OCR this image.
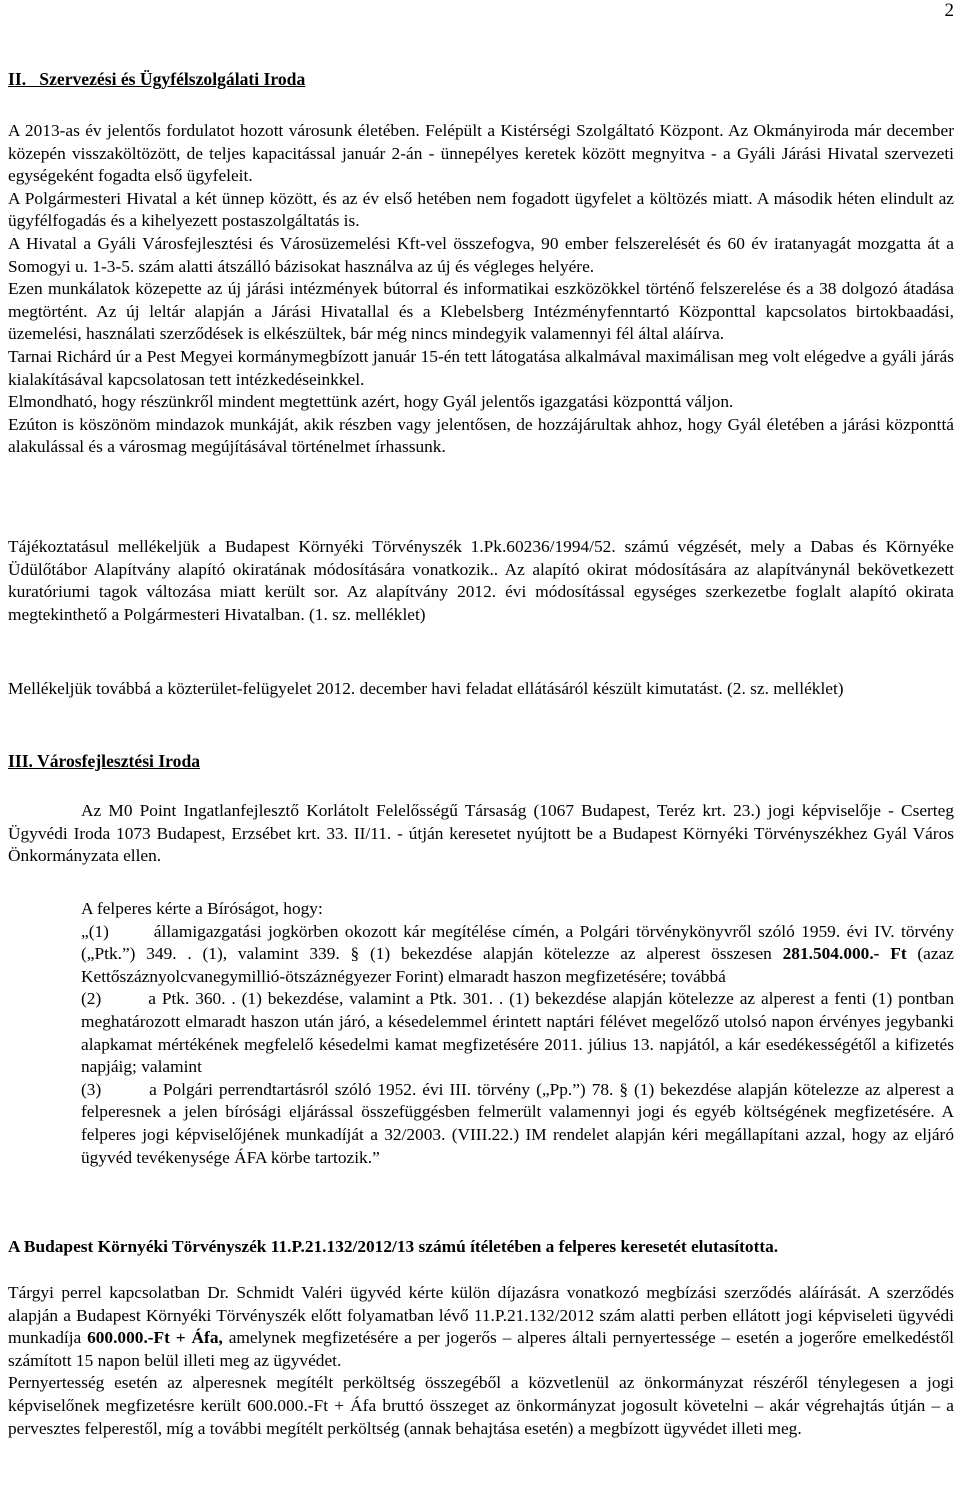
2

II.   Szervezési és Ügyfélszolgálati Iroda

A 2013-as év jelentős fordulatot hozott városunk életében. Felépült a Kistérségi Szolgáltató Központ. Az Okmányiroda már december közepén visszaköltözött, de teljes kapacitással január 2-án - ünnepélyes keretek között megnyitva - a Gyáli Járási Hivatal szervezeti egységeként fogadta első ügyfeleit.

A Polgármesteri Hivatal a két ünnep között, és az év első hetében nem fogadott ügyfelet a költözés miatt. A második héten elindult az ügyfélfogadás és a kihelyezett postaszolgáltatás is.

A Hivatal a Gyáli Városfejlesztési és Városüzemelési Kft-vel összefogva, 90 ember felszerelését és 60 év iratanyagát mozgatta át a Somogyi u. 1-3-5. szám alatti átszálló bázisokat használva az új és végleges helyére.

Ezen munkálatok közepette az új járási intézmények bútorral és informatikai eszközökkel történő felszerelése és a 38 dolgozó átadása megtörtént. Az új leltár alapján a Járási Hivatallal és a Klebelsberg Intézményfenntartó Központtal kapcsolatos birtokbaadási, üzemelési, használati szerződések is elkészültek, bár még nincs mindegyik valamennyi fél által aláírva.

Tarnai Richárd úr a Pest Megyei kormánymegbízott január 15-én tett látogatása alkalmával maximálisan meg volt elégedve a gyáli járás kialakításával kapcsolatosan tett intézkedéseinkkel.

Elmondható, hogy részünkről mindent megtettünk azért, hogy Gyál jelentős igazgatási központtá váljon.

Ezúton is köszönöm mindazok munkáját, akik részben vagy jelentősen, de hozzájárultak ahhoz, hogy Gyál életében a járási központtá alakulással és a városmag megújításával történelmet írhassunk.

Tájékoztatásul mellékeljük a Budapest Környéki Törvényszék 1.Pk.60236/1994/52. számú végzését, mely a Dabas és Környéke Üdülőtábor Alapítvány alapító okiratának módosítására vonatkozik.. Az alapító okirat módosítására az alapítványnál bekövetkezett kuratóriumi tagok változása miatt került sor. Az alapítvány 2012. évi módosítással egységes szerkezetbe foglalt alapító okirata megtekinthető a Polgármesteri Hivatalban. (1. sz. melléklet)

Mellékeljük továbbá a közterület-felügyelet 2012. december havi feladat ellátásáról készült kimutatást. (2. sz. melléklet)

III. Városfejlesztési Iroda

Az M0 Point Ingatlanfejlesztő Korlátolt Felelősségű Társaság (1067 Budapest, Teréz krt. 23.) jogi képviselője - Cserteg Ügyvédi Iroda 1073 Budapest, Erzsébet krt. 33. II/11. - útján keresetet nyújtott be a Budapest Környéki Törvényszékhez Gyál Város Önkormányzata ellen.

A felperes kérte a Bíróságot, hogy:

„(1)       államigazgatási jogkörben okozott kár megítélése címén, a Polgári törvénykönyvről szóló 1959. évi IV. törvény („Ptk.”) 349. . (1), valamint 339. § (1) bekezdése alapján kötelezze az alperest összesen 281.504.000.- Ft (azaz Kettőszáznyolcvanegymillió-ötszáznégyezer Forint) elmaradt haszon megfizetésére; továbbá

(2)        a Ptk. 360. . (1) bekezdése, valamint a Ptk. 301. . (1) bekezdése alapján kötelezze az alperest a fenti (1) pontban meghatározott elmaradt haszon után járó, a késedelemmel érintett naptári félévet megelőző utolsó napon érvényes jegybanki alapkamat mértékének megfelelő késedelmi kamat megfizetésére 2011. július 13. napjától, a kár esedékességétől a kifizetés napjáig; valamint

(3)        a Polgári perrendtartásról szóló 1952. évi III. törvény („Pp.”) 78. § (1) bekezdése alapján kötelezze az alperest a felperesnek a jelen bírósági eljárással összefüggésben felmerült valamennyi jogi és egyéb költségének megfizetésére. A felperes jogi képviselőjének munkadíját a 32/2003. (VIII.22.) IM rendelet alapján kéri megállapítani azzal, hogy az eljáró ügyvéd tevékenysége ÁFA körbe tartozik.”

A Budapest Környéki Törvényszék 11.P.21.132/2012/13 számú ítéletében a felperes keresetét elutasította.

Tárgyi perrel kapcsolatban Dr. Schmidt Valéri ügyvéd kérte külön díjazásra vonatkozó megbízási szerződés aláírását. A szerződés alapján a Budapest Környéki Törvényszék előtt folyamatban lévő 11.P.21.132/2012 szám alatti perben ellátott jogi képviseleti ügyvédi munkadíja 600.000.-Ft + Áfa, amelynek megfizetésére a per jogerős – alperes általi pernyertessége – esetén a jogerőre emelkedéstől számított 15 napon belül illeti meg az ügyvédet.

Pernyertesség esetén az alperesnek megítélt perköltség összegéből a közvetlenül az önkormányzat részéről ténylegesen a jogi képviselőnek megfizetésre került 600.000.-Ft + Áfa bruttó összeget az önkormányzat jogosult követelni – akár végrehajtás útján – a pervesztes felperestől, míg a további megítélt perköltség (annak behajtása esetén) a megbízott ügyvédet illeti meg.
